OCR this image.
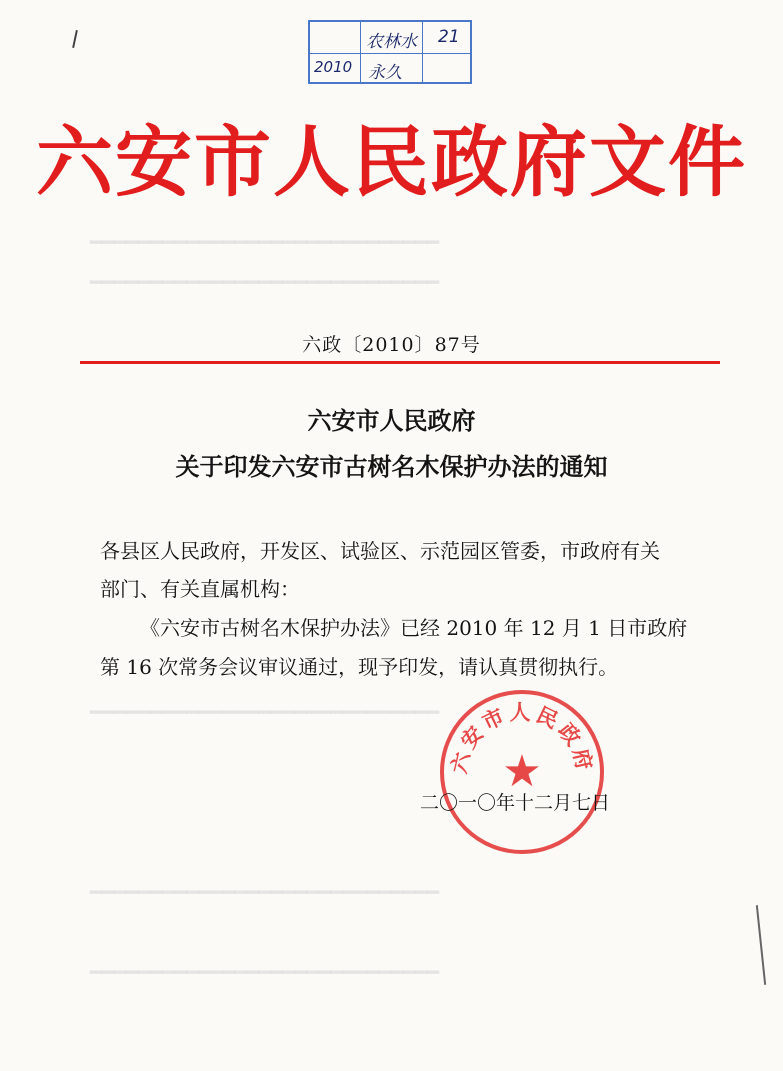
━━━━━━━━━━━━━━━━━━━━━━━━━━━━━
━━━━━━━━━━━━━━━━━━━━━━━━━━━━━
━━━━━━━━━━━━━━━━━━━━━━━━━━━━━
━━━━━━━━━━━━━━━━━━━━━━━━━━━━━
━━━━━━━━━━━━━━━━━━━━━━━━━━━━━
农林水 21
2010 永久
六安市人民政府文件
六政〔2010〕87号
六安市人民政府
关于印发六安市古树名木保护办法的通知
各县区人民政府，开发区、试验区、示范园区管委，市政府有关
部门、有关直属机构：
《六安市古树名木保护办法》已经 2010 年 12 月 1 日市政府
第 16 次常务会议审议通过，现予印发，请认真贯彻执行。
★
六安市人民政府
二〇一〇年十二月七日
